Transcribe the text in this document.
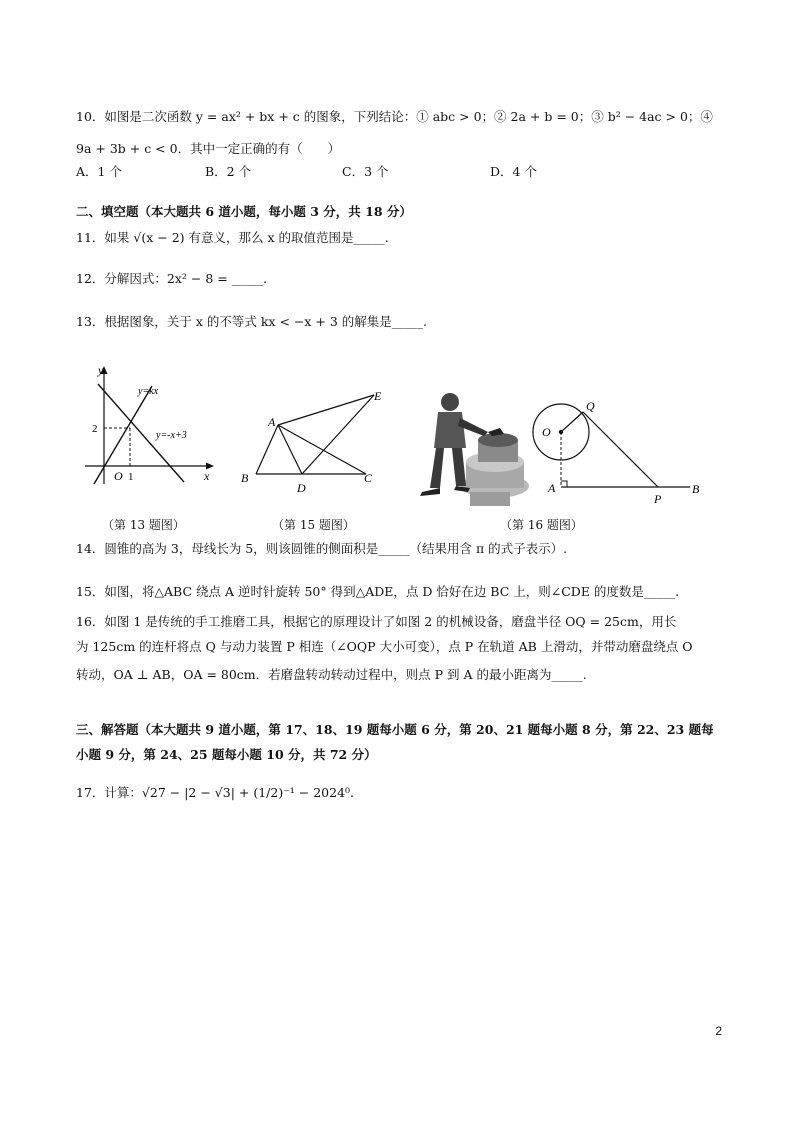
10．如图是二次函数 y = ax² + bx + c 的图象，下列结论：① abc > 0；② 2a + b = 0；③ b² − 4ac > 0；④
9a + 3b + c < 0．其中一定正确的有（　　）
A．1 个	B．2 个	C．3 个	D．4 个
二、填空题（本大题共 6 道小题，每小题 3 分，共 18 分）
11．如果 √(x − 2) 有意义，那么 x 的取值范围是_____.
12．分解因式：2x² − 8 = _____.
13．根据图象，关于 x 的不等式 kx < −x + 3 的解集是_____.
y
x
O 1
2
y=kx
y=-x+3
（第 13 题图）
A
B
D
C
E
（第 15 题图）
O
Q
A
P
B
（第 16 题图）
14．圆锥的高为 3，母线长为 5，则该圆锥的侧面积是_____（结果用含 π 的式子表示）.
15．如图，将△ABC 绕点 A 逆时针旋转 50° 得到△ADE，点 D 恰好在边 BC 上，则∠CDE 的度数是_____.
16．如图 1 是传统的手工推磨工具，根据它的原理设计了如图 2 的机械设备，磨盘半径 OQ = 25cm，用长
为 125cm 的连杆将点 Q 与动力装置 P 相连（∠OQP 大小可变），点 P 在轨道 AB 上滑动，并带动磨盘绕点 O
转动，OA ⊥ AB，OA = 80cm．若磨盘转动转动过程中，则点 P 到 A 的最小距离为_____.
三、解答题（本大题共 9 道小题，第 17、18、19 题每小题 6 分，第 20、21 题每小题 8 分，第 22、23 题每
小题 9 分，第 24、25 题每小题 10 分，共 72 分）
17．计算：√27 − |2 − √3| + (1/2)⁻¹ − 2024⁰.
2
